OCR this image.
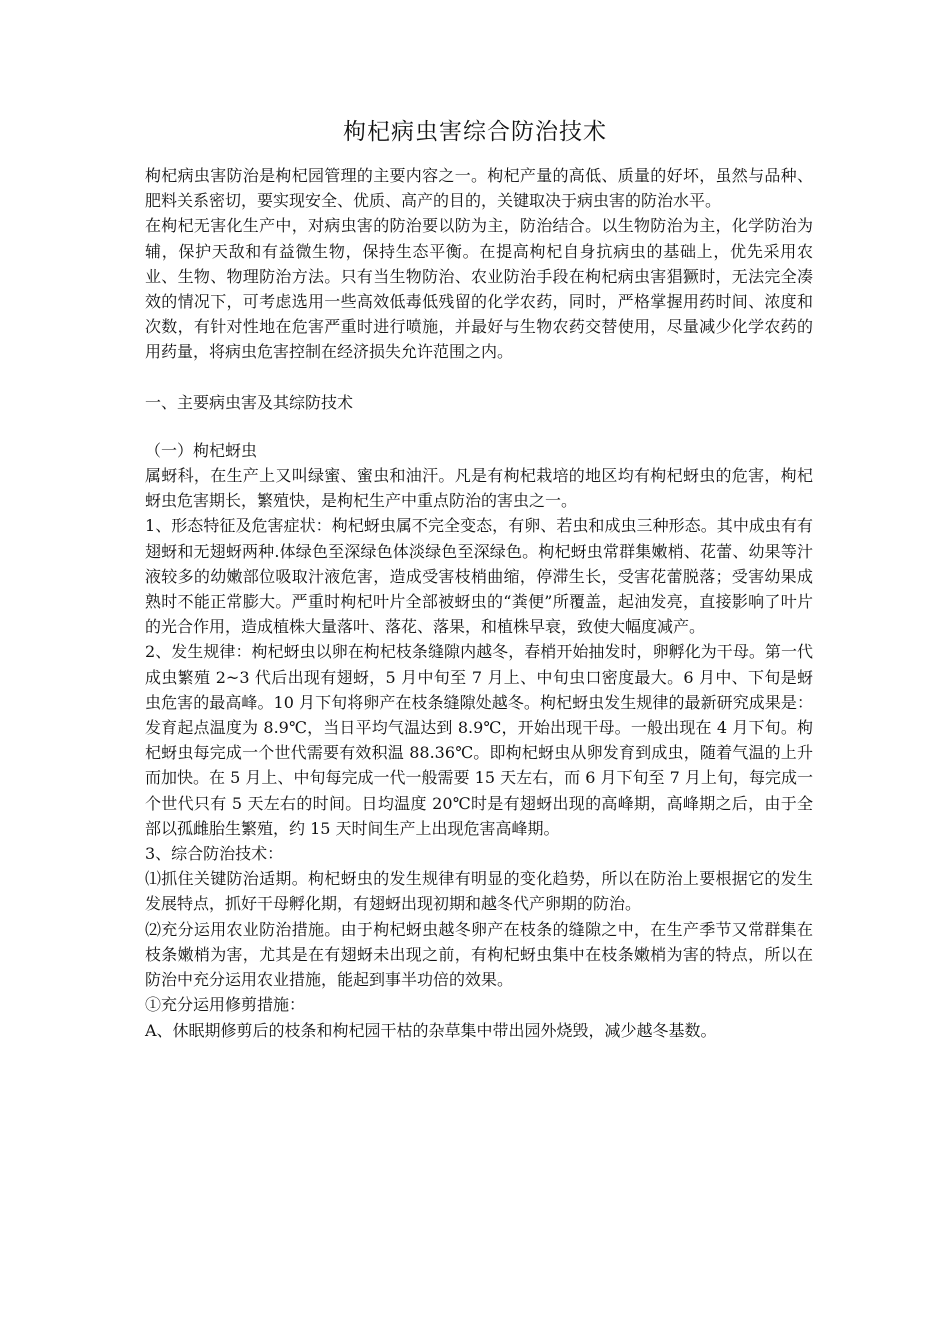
枸杞病虫害综合防治技术

枸杞病虫害防治是枸杞园管理的主要内容之一。枸杞产量的高低、质量的好坏，虽然与品种、肥料关系密切，要实现安全、优质、高产的目的，关键取决于病虫害的防治水平。

在枸杞无害化生产中，对病虫害的防治要以防为主，防治结合。以生物防治为主，化学防治为辅，保护天敌和有益微生物，保持生态平衡。在提高枸杞自身抗病虫的基础上，优先采用农业、生物、物理防治方法。只有当生物防治、农业防治手段在枸杞病虫害猖獗时，无法完全凑效的情况下，可考虑选用一些高效低毒低残留的化学农药，同时，严格掌握用药时间、浓度和次数，有针对性地在危害严重时进行喷施，并最好与生物农药交替使用，尽量减少化学农药的用药量，将病虫危害控制在经济损失允许范围之内。

一、主要病虫害及其综防技术

（一）枸杞蚜虫

属蚜科，在生产上又叫绿蜜、蜜虫和油汗。凡是有枸杞栽培的地区均有枸杞蚜虫的危害，枸杞蚜虫危害期长，繁殖快，是枸杞生产中重点防治的害虫之一。

1、形态特征及危害症状：枸杞蚜虫属不完全变态，有卵、若虫和成虫三种形态。其中成虫有有翅蚜和无翅蚜两种.体绿色至深绿色体淡绿色至深绿色。枸杞蚜虫常群集嫩梢、花蕾、幼果等汁液较多的幼嫩部位吸取汁液危害，造成受害枝梢曲缩，停滞生长，受害花蕾脱落；受害幼果成熟时不能正常膨大。严重时枸杞叶片全部被蚜虫的“粪便”所覆盖，起油发亮，直接影响了叶片的光合作用，造成植株大量落叶、落花、落果，和植株早衰，致使大幅度减产。

2、发生规律：枸杞蚜虫以卵在枸杞枝条缝隙内越冬，春梢开始抽发时，卵孵化为干母。第一代成虫繁殖 2~3 代后出现有翅蚜，5 月中旬至 7 月上、中旬虫口密度最大。6 月中、下旬是蚜虫危害的最高峰。10 月下旬将卵产在枝条缝隙处越冬。枸杞蚜虫发生规律的最新研究成果是：发育起点温度为 8.9℃，当日平均气温达到 8.9℃，开始出现干母。一般出现在 4 月下旬。枸杞蚜虫每完成一个世代需要有效积温 88.36℃。即枸杞蚜虫从卵发育到成虫，随着气温的上升而加快。在 5 月上、中旬每完成一代一般需要 15 天左右，而 6 月下旬至 7 月上旬，每完成一个世代只有 5 天左右的时间。日均温度 20℃时是有翅蚜出现的高峰期，高峰期之后，由于全部以孤雌胎生繁殖，约 15 天时间生产上出现危害高峰期。

3、综合防治技术：

⑴抓住关键防治适期。枸杞蚜虫的发生规律有明显的变化趋势，所以在防治上要根据它的发生发展特点，抓好干母孵化期，有翅蚜出现初期和越冬代产卵期的防治。

⑵充分运用农业防治措施。由于枸杞蚜虫越冬卵产在枝条的缝隙之中，在生产季节又常群集在枝条嫩梢为害，尤其是在有翅蚜未出现之前，有枸杞蚜虫集中在枝条嫩梢为害的特点，所以在防治中充分运用农业措施，能起到事半功倍的效果。

①充分运用修剪措施：

A、休眠期修剪后的枝条和枸杞园干枯的杂草集中带出园外烧毁，减少越冬基数。
